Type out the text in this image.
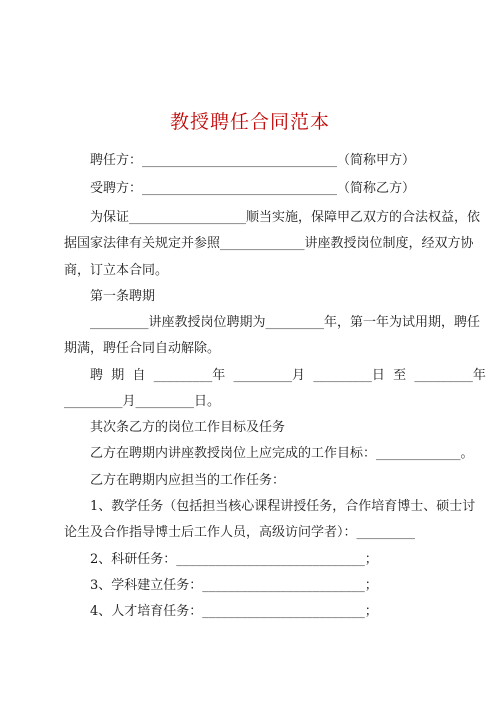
教授聘任合同范本
聘任方：______________________________（简称甲方）
受聘方：______________________________（简称乙方）
为保证__________________顺当实施，保障甲乙双方的合法权益，依
据国家法律有关规定并参照_____________讲座教授岗位制度，经双方协
商，订立本合同。
第一条聘期
_________讲座教授岗位聘期为_________年，第一年为试用期，聘任
期满，聘任合同自动解除。
聘  期  自  _________年  _________月  _________日  至  _________年
_________月_________日。
其次条乙方的岗位工作目标及任务
乙方在聘期内讲座教授岗位上应完成的工作目标：_____________。
乙方在聘期内应担当的工作任务：
1、教学任务（包括担当核心课程讲授任务，合作培育博士、硕士讨
论生及合作指导博士后工作人员，高级访问学者）：_________
2、科研任务：_____________________________；
3、学科建立任务：_________________________；
4、人才培育任务：_________________________；
